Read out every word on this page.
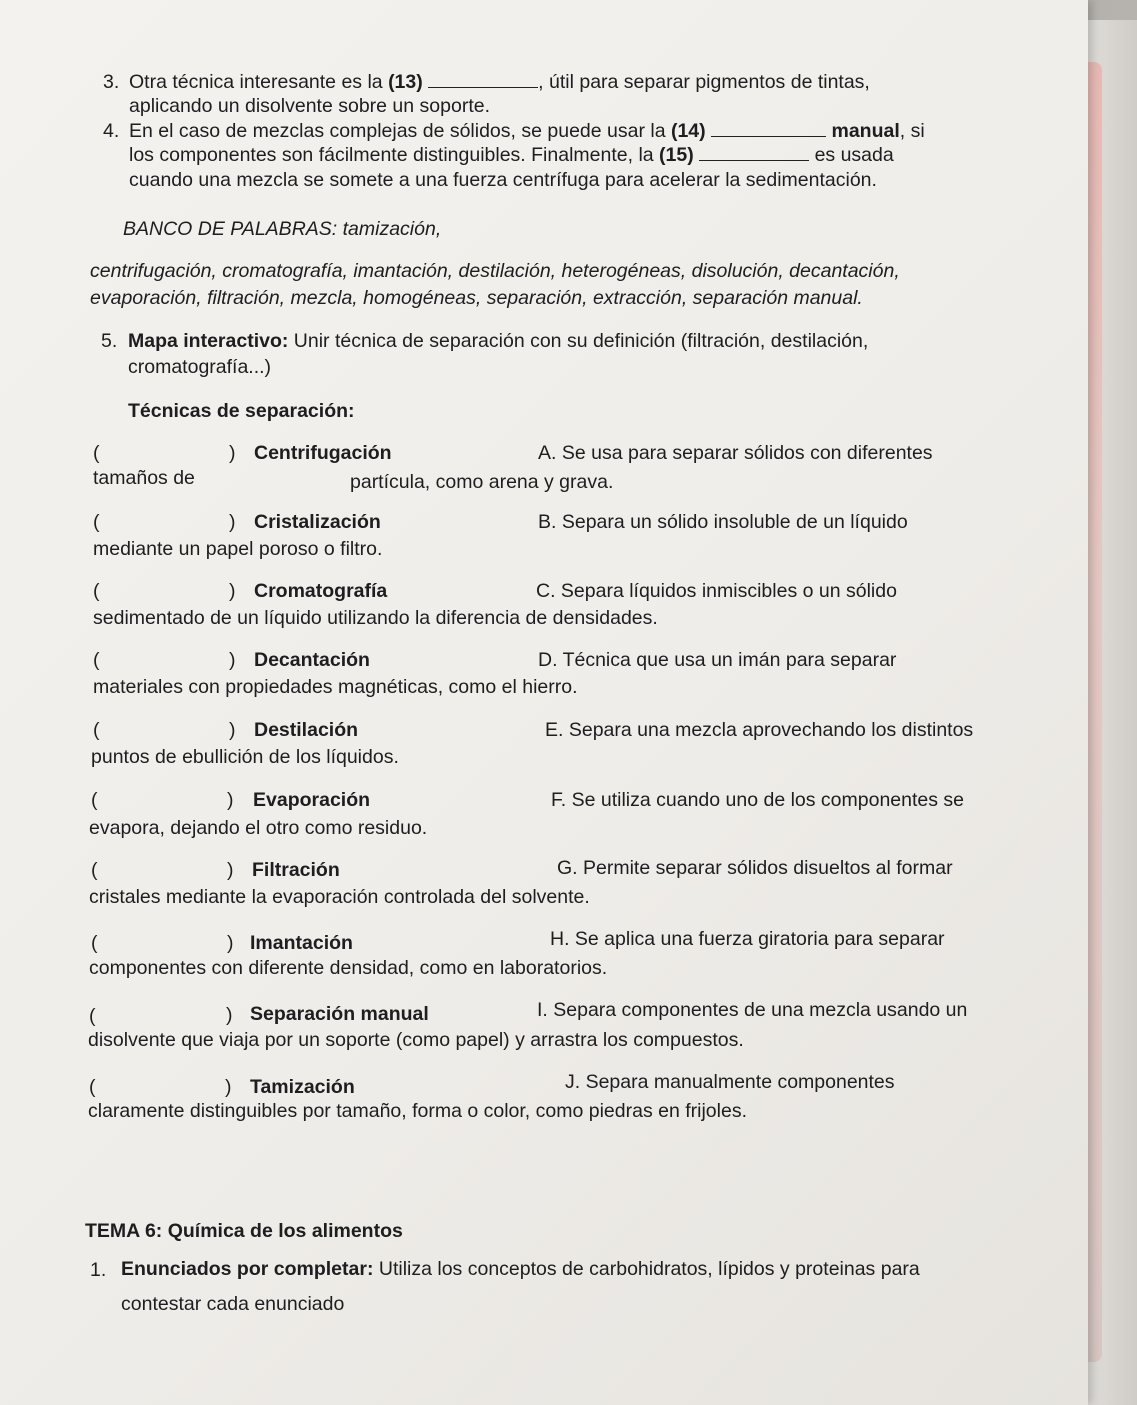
3. Otra técnica interesante es la (13)	, útil para separar pigmentos de tintas,
aplicando un disolvente sobre un soporte.
4. En el caso de mezclas complejas de sólidos, se puede usar la (14)	manual, si
los componentes son fácilmente distinguibles. Finalmente, la (15)	es usada
cuando una mezcla se somete a una fuerza centrífuga para acelerar la sedimentación.
BANCO DE PALABRAS: tamización,
centrifugación, cromatografía, imantación, destilación, heterogéneas, disolución, decantación,
evaporación, filtración, mezcla, homogéneas, separación, extracción, separación manual.
5. Mapa interactivo: Unir técnica de separación con su definición (filtración, destilación,
cromatografía...)
Técnicas de separación:
(	) Centrifugación	A. Se usa para separar sólidos con diferentes
tamaños de	partícula, como arena y grava.
(	) Cristalización	B. Separa un sólido insoluble de un líquido
mediante un papel poroso o filtro.
(	) Cromatografía	C. Separa líquidos inmiscibles o un sólido
sedimentado de un líquido utilizando la diferencia de densidades.
(	) Decantación	D. Técnica que usa un imán para separar
materiales con propiedades magnéticas, como el hierro.
(	) Destilación	E. Separa una mezcla aprovechando los distintos
puntos de ebullición de los líquidos.
(	) Evaporación	F. Se utiliza cuando uno de los componentes se
evapora, dejando el otro como residuo.
(	) Filtración	G. Permite separar sólidos disueltos al formar
cristales mediante la evaporación controlada del solvente.
(	) Imantación	H. Se aplica una fuerza giratoria para separar
componentes con diferente densidad, como en laboratorios.
(	) Separación manual	I. Separa componentes de una mezcla usando un
disolvente que viaja por un soporte (como papel) y arrastra los compuestos.
(	) Tamización	J. Separa manualmente componentes
claramente distinguibles por tamaño, forma o color, como piedras en frijoles.
TEMA 6: Química de los alimentos
1. Enunciados por completar: Utiliza los conceptos de carbohidratos, lípidos y proteinas para
contestar cada enunciado
